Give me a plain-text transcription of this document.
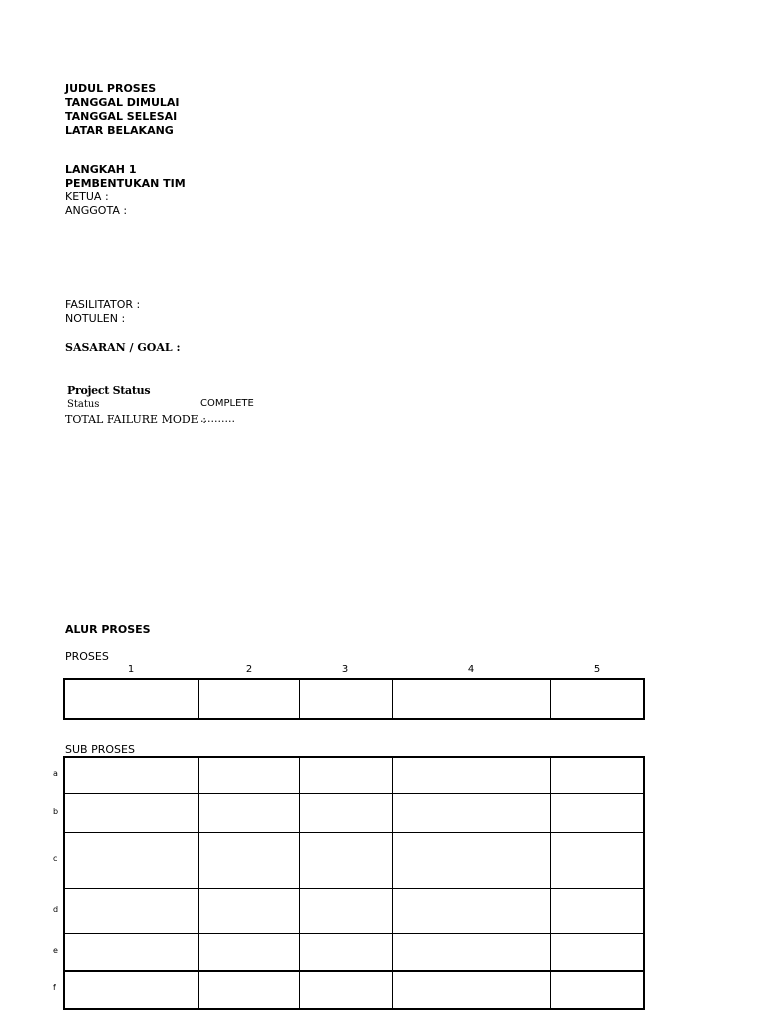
JUDUL PROSES
TANGGAL DIMULAI
TANGGAL SELESAI
LATAR BELAKANG
LANGKAH 1
PEMBENTUKAN TIM
KETUA :
ANGGOTA :
FASILITATOR :
NOTULEN :
SASARAN / GOAL :
Project Status
Status	COMPLETE
TOTAL FAILURE MODE :
..........
ALUR PROSES
PROSES
1	2	3	4	5
SUB PROSES
a
b
c
d
e
f
